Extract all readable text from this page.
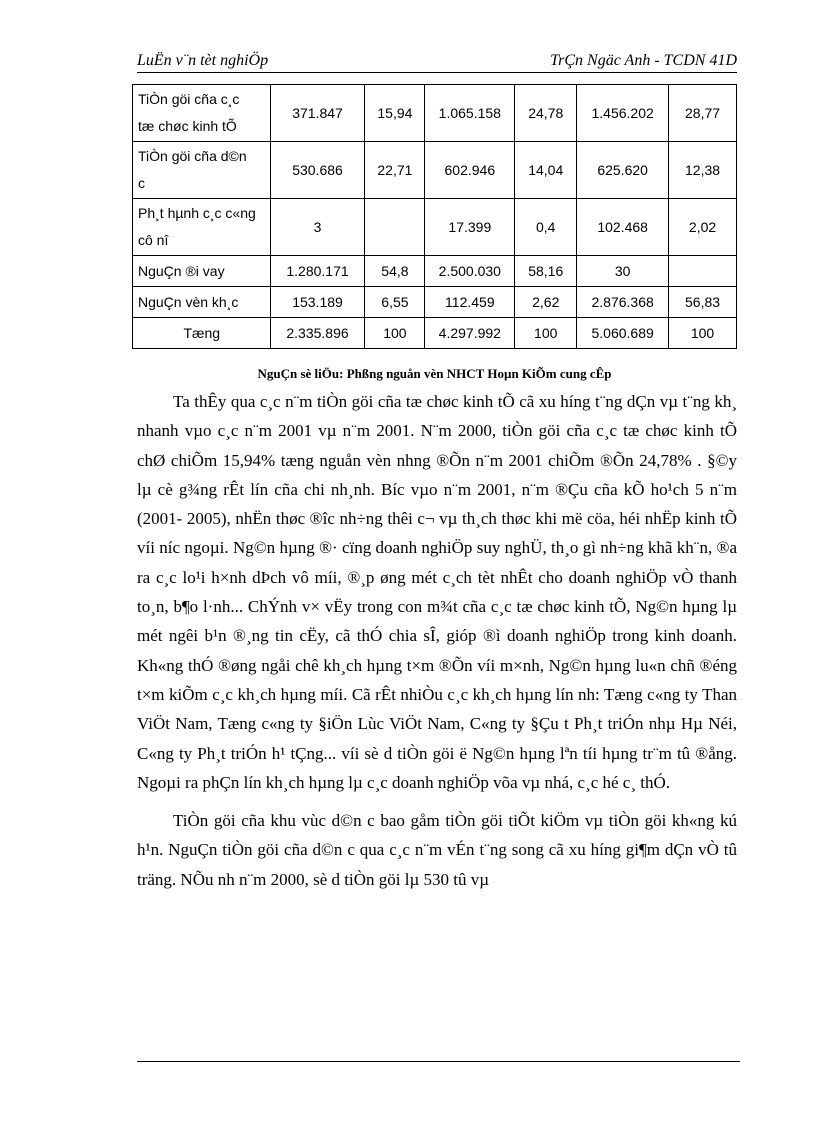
LuËn v¨n tèt nghiÖp	TrÇn Ngäc Anh - TCDN 41D
TiÒn göi cña c¸c
tæ chøc kinh tÕ	371.847	15,94	1.065.158	24,78	1.456.202	28,77

TiÒn göi cña d©n
c	530.686	22,71	602.946	14,04	625.620	12,38

Ph¸t hµnh c¸c c«ng
cô nî	3		17.399	0,4	102.468	2,02

NguÇn ®i vay	1.280.171	54,8	2.500.030	58,16	30	

NguÇn vèn kh¸c	153.189	6,55	112.459	2,62	2.876.368	56,83

Tæng	2.335.896	100	4.297.992	100	5.060.689	100
NguÇn sè liÖu: Phßng nguån vèn NHCT Hoµn KiÕm cung cÊp

Ta thÊy qua c¸c n¨m tiÒn göi cña tæ chøc kinh tÕ cã xu híng t¨ng dÇn vµ t¨ng kh¸ nhanh vµo c¸c n¨m 2001 vµ n¨m 2001. N¨m 2000, tiÒn göi cña c¸c tæ chøc kinh tÕ chØ chiÕm 15,94% tæng nguån vèn nhng ®Õn n¨m 2001 chiÕm ®Õn 24,78% . §©y lµ cè g¾ng rÊt lín cña chi nh¸nh. Bíc vµo n¨m 2001, n¨m ®Çu cña kÕ ho¹ch 5 n¨m (2001- 2005), nhËn thøc ®îc nh÷ng thêi c¬ vµ th¸ch thøc khi më cöa, héi nhËp kinh tÕ víi níc ngoµi. Ng©n hµng ®· cïng doanh nghiÖp suy nghÜ, th¸o gì nh÷ng khã kh¨n, ®a ra c¸c lo¹i h×nh dÞch vô míi, ®¸p øng mét c¸ch tèt nhÊt cho doanh nghiÖp vÒ thanh to¸n, b¶o l·nh... ChÝnh v× vËy trong con m¾t cña c¸c tæ chøc kinh tÕ, Ng©n hµng lµ mét ngêi b¹n ®¸ng tin cËy, cã thÓ chia sÎ, gióp ®ì doanh nghiÖp trong kinh doanh. Kh«ng thÓ ®øng ngåi chê kh¸ch hµng t×m ®Õn víi m×nh, Ng©n hµng lu«n chñ ®éng t×m kiÕm c¸c kh¸ch hµng míi. Cã rÊt nhiÒu c¸c kh¸ch hµng lín nh: Tæng c«ng ty Than ViÖt Nam, Tæng c«ng ty §iÖn Lùc ViÖt Nam, C«ng ty §Çu t Ph¸t triÓn nhµ Hµ Néi, C«ng ty Ph¸t triÓn h¹ tÇng... víi sè d tiÒn göi ë Ng©n hµng lªn tíi hµng tr¨m tû ®ång. Ngoµi ra phÇn lín kh¸ch hµng lµ c¸c doanh nghiÖp võa vµ nhá, c¸c hé c¸ thÓ.

TiÒn göi cña khu vùc d©n c bao gåm tiÒn göi tiÕt kiÖm vµ tiÒn göi kh«ng kú h¹n. NguÇn tiÒn göi cña d©n c qua c¸c n¨m vÉn t¨ng song cã xu híng gi¶m dÇn vÒ tû träng. NÕu nh n¨m 2000, sè d tiÒn göi lµ 530 tû vµ
